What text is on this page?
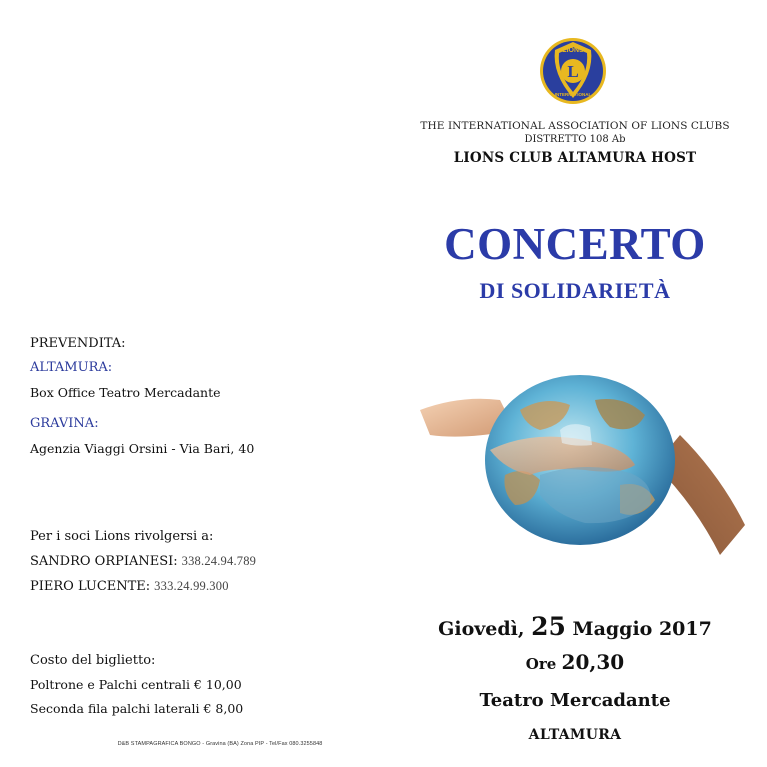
PREVENDITA:
ALTAMURA:
Box Office Teatro Mercadante
GRAVINA:
Agenzia Viaggi Orsini - Via Bari, 40
Per i soci Lions rivolgersi a:
SANDRO ORPIANESI: 338.24.94.789
PIERO LUCENTE: 333.24.99.300
Costo del biglietto:
Poltrone e Palchi centrali € 10,00
Seconda fila palchi laterali € 8,00
D&B STAMPAGRAFICA BONGO - Gravina (BA) Zona PIP - Tel/Fax 080.3255848
L
LIONS
INTERNATIONAL
THE INTERNATIONAL ASSOCIATION OF LIONS CLUBS
DISTRETTO 108 Ab
LIONS CLUB ALTAMURA HOST
CONCERTO
DI SOLIDARIETÀ
Giovedì, 25 Maggio 2017
Ore 20,30
Teatro Mercadante
ALTAMURA
